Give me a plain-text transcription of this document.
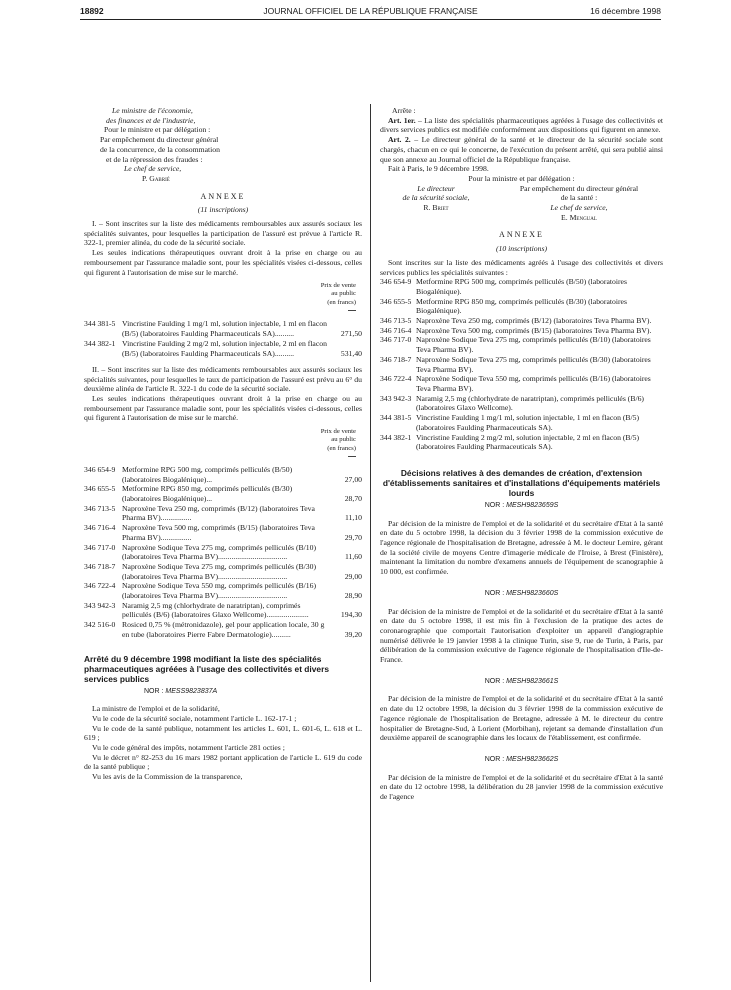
18892	JOURNAL OFFICIEL DE LA RÉPUBLIQUE FRANÇAISE	16 décembre 1998

Le ministre de l'économie,

des finances et de l'industrie,

Pour le ministre et par délégation :

Par empêchement du directeur général

de la concurrence, de la consommation

et de la répression des fraudes :

Le chef de service,

P. Gabrié

ANNEXE

(11 inscriptions)

I. – Sont inscrites sur la liste des médicaments remboursables aux assurés sociaux les spécialités suivantes, pour lesquelles la participation de l'assuré est prévue à l'article R. 322-1, premier alinéa, du code de la sécurité sociale.

Les seules indications thérapeutiques ouvrant droit à la prise en charge ou au remboursement par l'assurance maladie sont, pour les spécialités visées ci-dessous, celles qui figurent à l'autorisation de mise sur le marché.

Prix de vente
au public
(en francs)
344 381-5 Vincristine Faulding 1 mg/1 ml, solution injectable, 1 ml en flacon (B/5) (laboratoires Faulding Pharmaceuticals SA)..........	271,50
344 382-1 Vincristine Faulding 2 mg/2 ml, solution injectable, 2 ml en flacon (B/5) (laboratoires Faulding Pharmaceuticals SA)..........	531,40

II. – Sont inscrites sur la liste des médicaments remboursables aux assurés sociaux les spécialités suivantes, pour lesquelles le taux de participation de l'assuré est prévu au 6° du deuxième alinéa de l'article R. 322-1 du code de la sécurité sociale.

Les seules indications thérapeutiques ouvrant droit à la prise en charge ou au remboursement par l'assurance maladie sont, pour les spécialités visées ci-dessous, celles qui figurent à l'autorisation de mise sur le marché.

Prix de vente
au public
(en francs)
346 654-9 Metformine RPG 500 mg, comprimés pelliculés (B/50) (laboratoires Biogalénique)...	27,00
346 655-5 Metformine RPG 850 mg, comprimés pelliculés (B/30) (laboratoires Biogalénique)...	28,70
346 713-5 Naproxène Teva 250 mg, comprimés (B/12) (laboratoires Teva Pharma BV)................	11,10
346 716-4 Naproxène Teva 500 mg, comprimés (B/15) (laboratoires Teva Pharma BV)................	29,70
346 717-0 Naproxène Sodique Teva 275 mg, comprimés pelliculés (B/10) (laboratoires Teva Pharma BV)....................................	11,60
346 718-7 Naproxène Sodique Teva 275 mg, comprimés pelliculés (B/30) (laboratoires Teva Pharma BV)....................................	29,00
346 722-4 Naproxène Sodique Teva 550 mg, comprimés pelliculés (B/16) (laboratoires Teva Pharma BV)....................................	28,90
343 942-3 Naramig 2,5 mg (chlorhydrate de naratriptan), comprimés pelliculés (B/6) (laboratoires Glaxo Wellcome)......................	194,30
342 516-0 Rosiced 0,75 % (métronidazole), gel pour application locale, 30 g en tube (laboratoires Pierre Fabre Dermatologie)..........	39,20

Arrêté du 9 décembre 1998 modifiant la liste des spécialités pharmaceutiques agréées à l'usage des collectivités et divers services publics

NOR : MESS9823837A

La ministre de l'emploi et de la solidarité,

Vu le code de la sécurité sociale, notamment l'article L. 162-17-1 ;

Vu le code de la santé publique, notamment les articles L. 601, L. 601-6, L. 618 et L. 619 ;

Vu le code général des impôts, notamment l'article 281 octies ;

Vu le décret n° 82-253 du 16 mars 1982 portant application de l'article L. 619 du code de la santé publique ;

Vu les avis de la Commission de la transparence,

Arrête :

Art. 1er. – La liste des spécialités pharmaceutiques agréées à l'usage des collectivités et divers services publics est modifiée conformément aux dispositions qui figurent en annexe.

Art. 2. – Le directeur général de la santé et le directeur de la sécurité sociale sont chargés, chacun en ce qui le concerne, de l'exécution du présent arrêté, qui sera publié ainsi que son annexe au Journal officiel de la République française.

Fait à Paris, le 9 décembre 1998.

Pour la ministre et par délégation :

Le directeur

de la sécurité sociale,

R. Briet

Par empêchement du directeur général

de la santé :

Le chef de service,

E. Mengual

ANNEXE

(10 inscriptions)

Sont inscrites sur la liste des médicaments agréés à l'usage des collectivités et divers services publics les spécialités suivantes :

346 654-9 Metformine RPG 500 mg, comprimés pelliculés (B/50) (laboratoires Biogalénique).
346 655-5 Metformine RPG 850 mg, comprimés pelliculés (B/30) (laboratoires Biogalénique).
346 713-5 Naproxène Teva 250 mg, comprimés (B/12) (laboratoires Teva Pharma BV).
346 716-4 Naproxène Teva 500 mg, comprimés (B/15) (laboratoires Teva Pharma BV).
346 717-0 Naproxène Sodique Teva 275 mg, comprimés pelliculés (B/10) (laboratoires Teva Pharma BV).
346 718-7 Naproxène Sodique Teva 275 mg, comprimés pelliculés (B/30) (laboratoires Teva Pharma BV).
346 722-4 Naproxène Sodique Teva 550 mg, comprimés pelliculés (B/16) (laboratoires Teva Pharma BV).
343 942-3 Naramig 2,5 mg (chlorhydrate de naratriptan), comprimés pelliculés (B/6) (laboratoires Glaxo Wellcome).
344 381-5 Vincristine Faulding 1 mg/1 ml, solution injectable, 1 ml en flacon (B/5) (laboratoires Faulding Pharmaceuticals SA).
344 382-1 Vincristine Faulding 2 mg/2 ml, solution injectable, 2 ml en flacon (B/5) (laboratoires Faulding Pharmaceuticals SA).

Décisions relatives à des demandes de création, d'extension d'établissements sanitaires et d'installations d'équipements matériels lourds

NOR : MESH9823659S

Par décision de la ministre de l'emploi et de la solidarité et du secrétaire d'Etat à la santé en date du 5 octobre 1998, la décision du 3 février 1998 de la commission exécutive de l'agence régionale de l'hospitalisation de Bretagne, adressée à M. le docteur Lemire, gérant de la société civile de moyens Centre d'imagerie médicale de l'Iroise, à Brest (Finistère), maintenant la limitation du nombre d'examens annuels de l'équipement de scanographie à 10 000, est confirmée.

NOR : MESH9823660S

Par décision de la ministre de l'emploi et de la solidarité et du secrétaire d'Etat à la santé en date du 5 octobre 1998, il est mis fin à l'exclusion de la pratique des actes de coronarographie que comportait l'autorisation d'exploiter un appareil d'angiographie numérisé délivrée le 19 janvier 1998 à la clinique Turin, sise 9, rue de Turin, à Paris, par délibération de la commission exécutive de l'agence régionale de l'hospitalisation d'Ile-de-France.

NOR : MESH9823661S

Par décision de la ministre de l'emploi et de la solidarité et du secrétaire d'Etat à la santé en date du 12 octobre 1998, la décision du 3 février 1998 de la commission exécutive de l'agence régionale de l'hospitalisation de Bretagne, adressée à M. le directeur du centre hospitalier de Bretagne-Sud, à Lorient (Morbihan), rejetant sa demande d'installation d'un deuxième appareil de scanographie dans les locaux de l'établissement, est confirmée.

NOR : MESH9823662S

Par décision de la ministre de l'emploi et de la solidarité et du secrétaire d'Etat à la santé en date du 12 octobre 1998, la délibération du 28 janvier 1998 de la commission exécutive de l'agence
